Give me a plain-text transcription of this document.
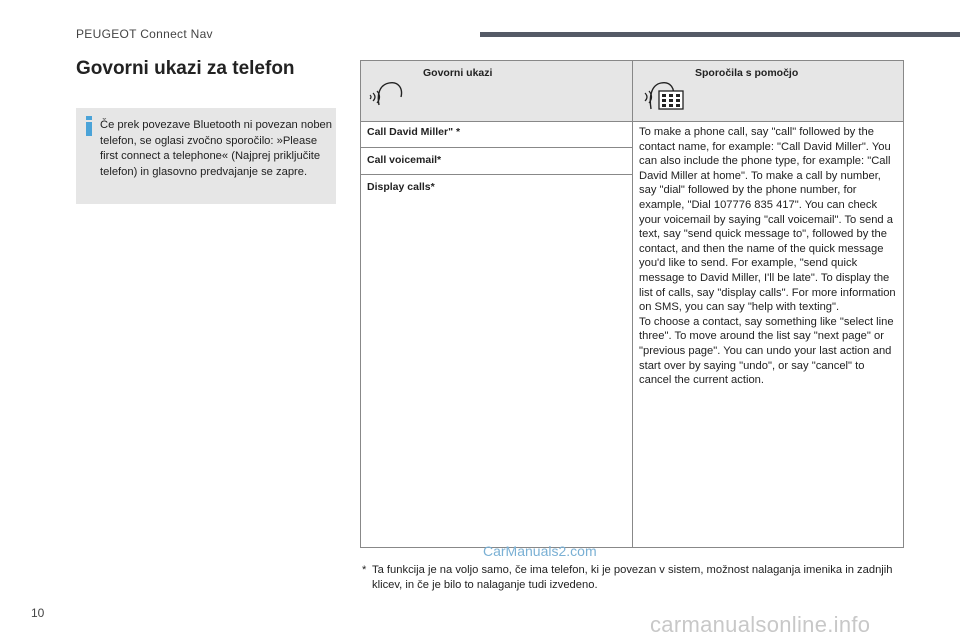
PEUGEOT Connect Nav
Govorni ukazi za telefon
Če prek povezave Bluetooth ni povezan noben telefon, se oglasi zvočno sporočilo: »Please first connect a telephone« (Najprej priključite telefon) in glasovno predvajanje se zapre.
Govorni ukazi	Sporočila s pomočjo
Call David Miller" *
Call voicemail*
Display calls*
To make a phone call, say "call" followed by the contact name, for example: "Call David Miller". You can also include the phone type, for example: "Call David Miller at home". To make a call by number, say "dial" followed by the phone number, for example, "Dial 107776 835 417". You can check your voicemail by saying "call voicemail". To send a text, say "send quick message to", followed by the contact, and then the name of the quick message you'd like to send. For example, "send quick message to David Miller, I'll be late". To display the list of calls, say "display calls". For more information on SMS, you can say "help with texting".
To choose a contact, say something like "select line three". To move around the list say "next page" or "previous page". You can undo your last action and start over by saying "undo", or say "cancel" to cancel the current action.
* Ta funkcija je na voljo samo, če ima telefon, ki je povezan v sistem, možnost nalaganja imenika in zadnjih klicev, in če je bilo to nalaganje tudi izvedeno.
CarManuals2.com
10	carmanualsonline.info
